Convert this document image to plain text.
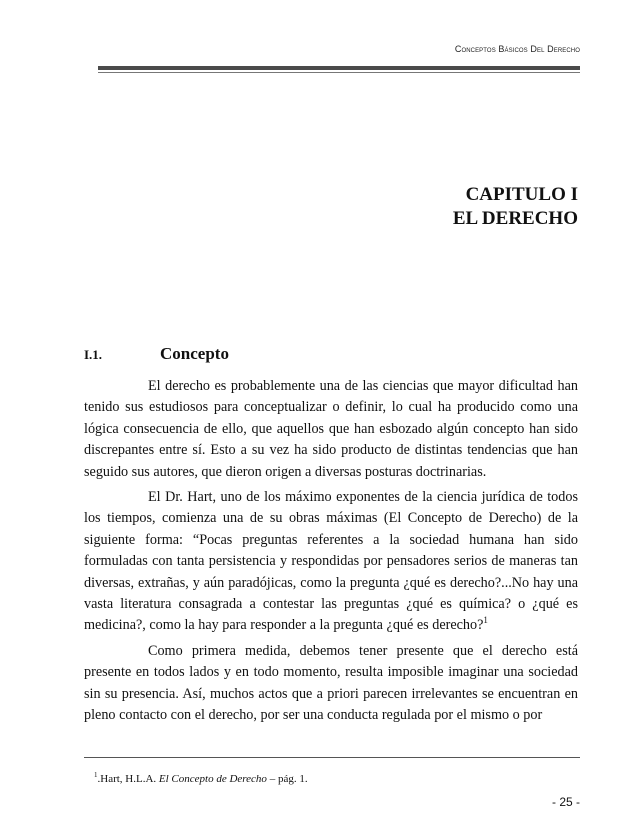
Conceptos Básicos Del Derecho
CAPITULO I
EL DERECHO
I.1.	Concepto

El derecho es probablemente una de las ciencias que mayor dificultad han tenido sus estudiosos para conceptualizar o definir, lo cual ha producido como una lógica consecuencia de ello, que aquellos que han esbozado algún concepto han sido discrepantes entre sí. Esto a su vez ha sido producto de distintas tendencias que han seguido sus autores, que dieron origen a diversas posturas doctrinarias.

El Dr. Hart, uno de los máximo exponentes de la ciencia jurídica de todos los tiempos, comienza una de su obras máximas (El Concepto de Derecho) de la siguiente forma: “Pocas preguntas referentes a la sociedad humana han sido formuladas con tanta persistencia y respondidas por pensadores serios de maneras tan diversas, extrañas, y aún paradójicas, como la pregunta ¿qué es derecho?...No hay una vasta literatura consagrada a contestar las preguntas ¿qué es química? o ¿qué es medicina?, como la hay para responder a la pregunta ¿qué es derecho?$^1$

Como primera medida, debemos tener presente que el derecho está presente en todos lados y en todo momento, resulta imposible imaginar una sociedad sin su presencia. Así, muchos actos que a priori parecen irrelevantes se encuentran en pleno contacto con el derecho, por ser una conducta regulada por el mismo o por

$^1$.Hart, H.L.A. El Concepto de Derecho – pág. 1.
- 25 -
